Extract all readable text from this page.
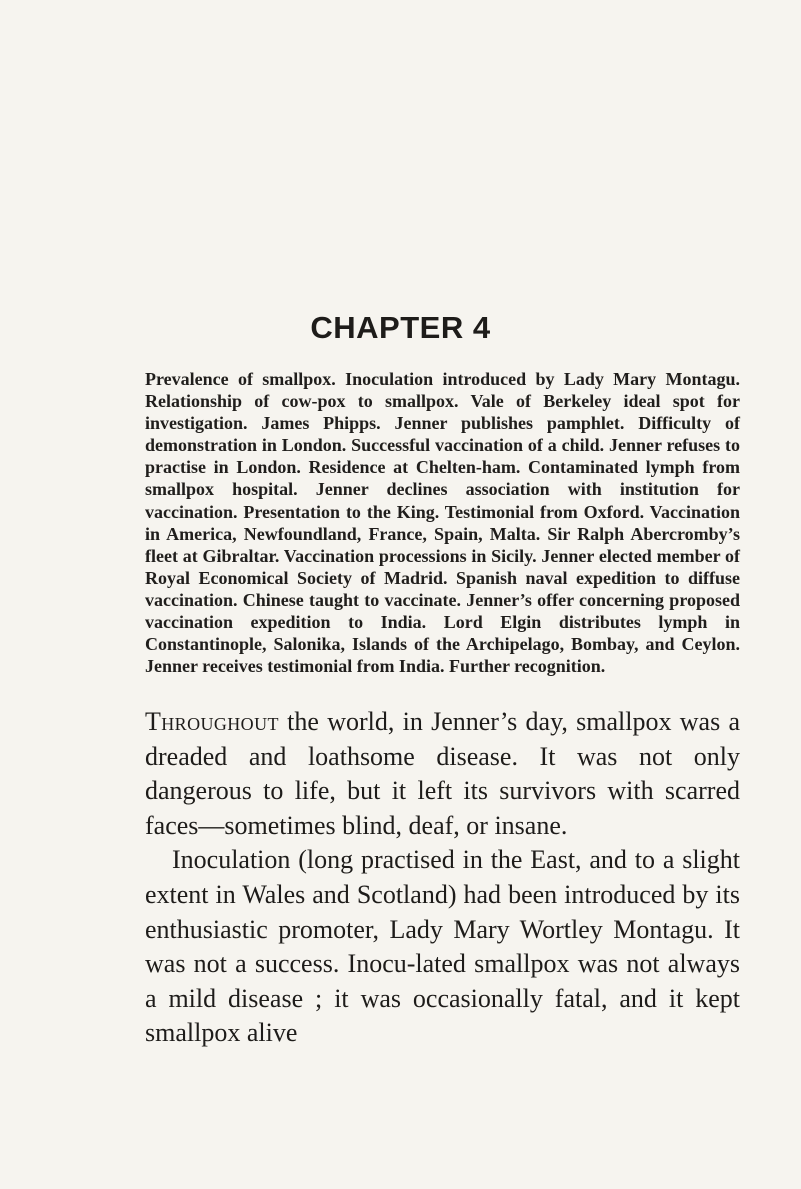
CHAPTER 4

Prevalence of smallpox. Inoculation introduced by Lady Mary Montagu. Relationship of cow-pox to smallpox. Vale of Berkeley ideal spot for investigation. James Phipps. Jenner publishes pamphlet. Difficulty of demonstration in London. Successful vaccination of a child. Jenner refuses to practise in London. Residence at Chelten-ham. Contaminated lymph from smallpox hospital. Jenner declines association with institution for vaccination. Presentation to the King. Testimonial from Oxford. Vaccination in America, Newfoundland, France, Spain, Malta. Sir Ralph Abercromby’s fleet at Gibraltar. Vaccination processions in Sicily. Jenner elected member of Royal Economical Society of Madrid. Spanish naval expedition to diffuse vaccination. Chinese taught to vaccinate. Jenner’s offer concerning proposed vaccination expedition to India. Lord Elgin distributes lymph in Constantinople, Salonika, Islands of the Archipelago, Bombay, and Ceylon. Jenner receives testimonial from India. Further recognition.

Throughout the world, in Jenner’s day, smallpox was a dreaded and loathsome disease. It was not only dangerous to life, but it left its survivors with scarred faces—sometimes blind, deaf, or insane.

Inoculation (long practised in the East, and to a slight extent in Wales and Scotland) had been introduced by its enthusiastic promoter, Lady Mary Wortley Montagu. It was not a success. Inocu-lated smallpox was not always a mild disease ; it was occasionally fatal, and it kept smallpox alive
